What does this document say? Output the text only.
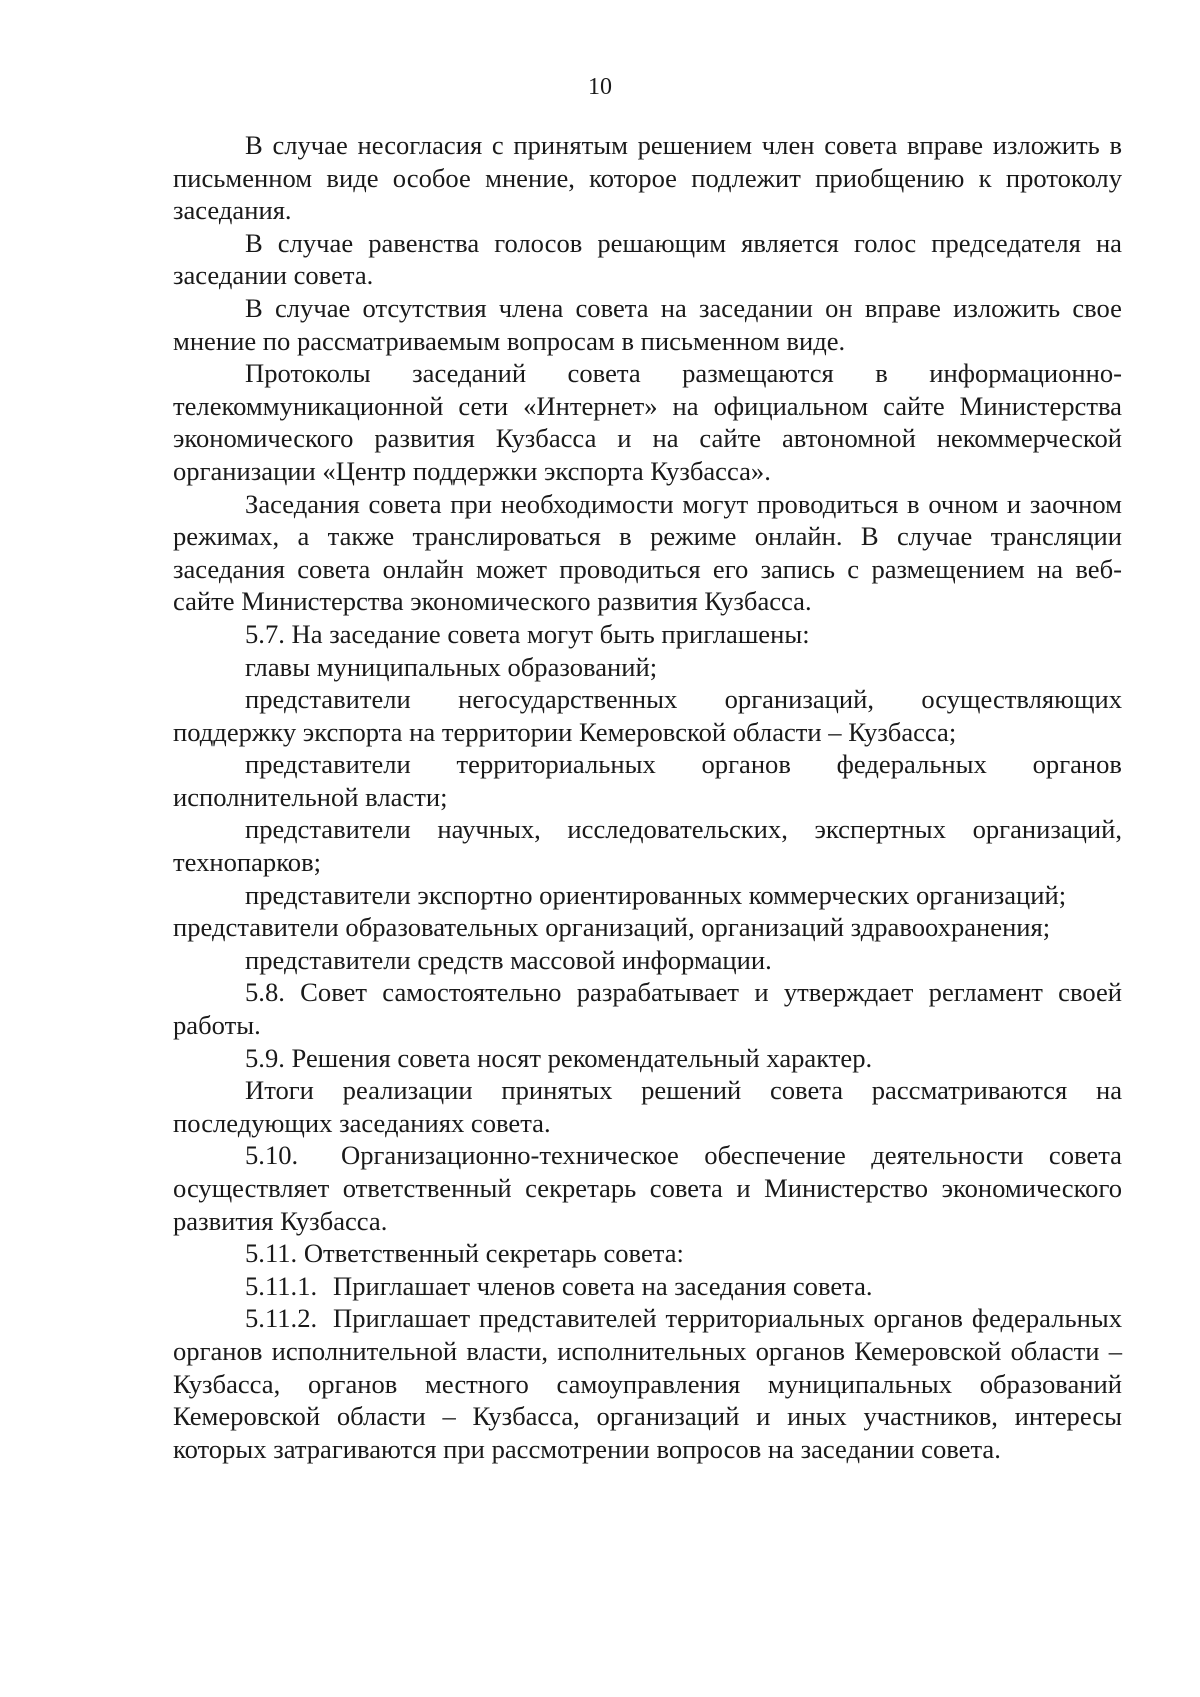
10

В случае несогласия с принятым решением член совета вправе изложить в письменном виде особое мнение, которое подлежит приобщению к протоколу заседания.

В случае равенства голосов решающим является голос председателя на заседании совета.

В случае отсутствия члена совета на заседании он вправе изложить свое мнение по рассматриваемым вопросам в письменном виде.

Протоколы заседаний совета размещаются в информационно-телекоммуникационной сети «Интернет» на официальном сайте Министерства экономического развития Кузбасса и на сайте автономной некоммерческой организации «Центр поддержки экспорта Кузбасса».

Заседания совета при необходимости могут проводиться в очном и заочном режимах, а также транслироваться в режиме онлайн. В случае трансляции заседания совета онлайн может проводиться его запись с размещением на веб-сайте Министерства экономического развития Кузбасса.

5.7. На заседание совета могут быть приглашены:

главы муниципальных образований;

представители негосударственных организаций, осуществляющих поддержку экспорта на территории Кемеровской области – Кузбасса;

представители территориальных органов федеральных органов исполнительной власти;

представители научных, исследовательских, экспертных организаций, технопарков;

представители экспортно ориентированных коммерческих организаций;

представители образовательных организаций, организаций здравоохранения;

представители средств массовой информации.

5.8. Совет самостоятельно разрабатывает и утверждает регламент своей работы.

5.9. Решения совета носят рекомендательный характер.

Итоги реализации принятых решений совета рассматриваются на последующих заседаниях совета.

5.10. Организационно-техническое обеспечение деятельности совета осуществляет ответственный секретарь совета и Министерство экономического развития Кузбасса.

5.11. Ответственный секретарь совета:

5.11.1. Приглашает членов совета на заседания совета.

5.11.2. Приглашает представителей территориальных органов федеральных органов исполнительной власти, исполнительных органов Кемеровской области – Кузбасса, органов местного самоуправления муниципальных образований Кемеровской области – Кузбасса, организаций и иных участников, интересы которых затрагиваются при рассмотрении вопросов на заседании совета.
